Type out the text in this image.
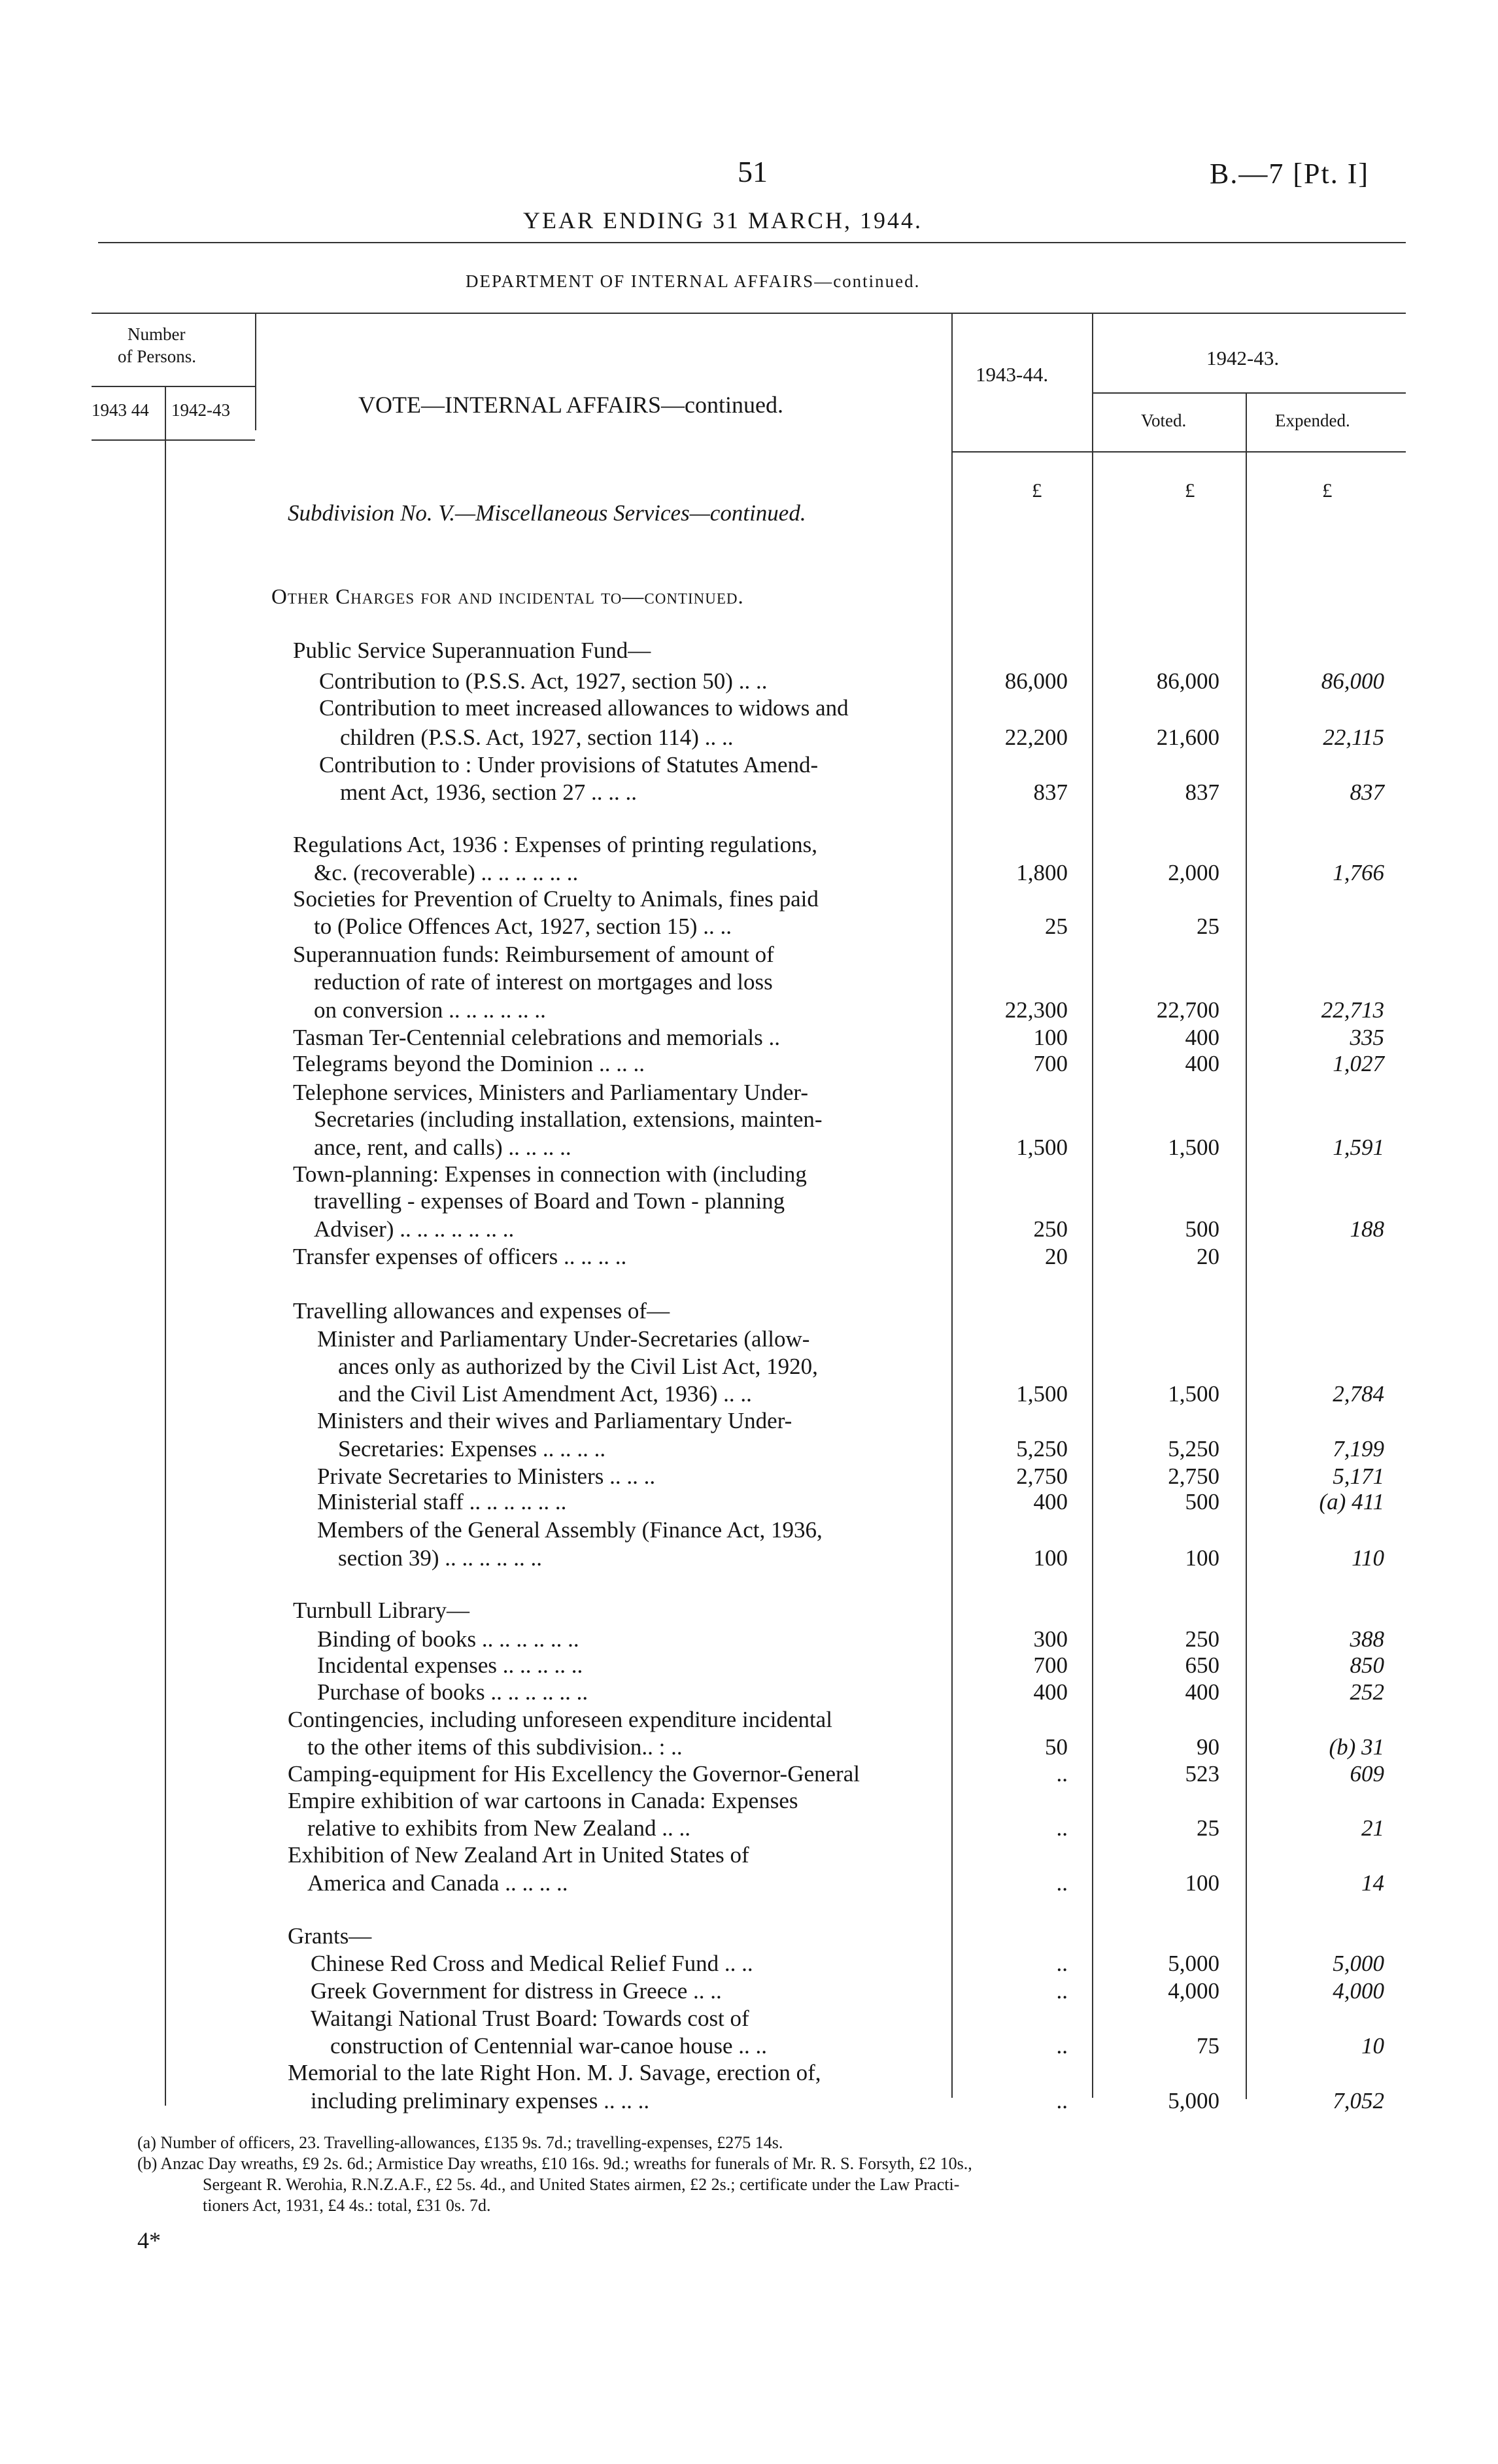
51	B.—7 [Pt. I]
YEAR ENDING 31 MARCH, 1944.
DEPARTMENT OF INTERNAL AFFAIRS—continued.
Number
of Persons.
1943 44 1942-43	VOTE—INTERNAL AFFAIRS—continued.
1943-44.
1942-43.
Voted.	Expended.
£	£	£
Subdivision No. V.—Miscellaneous Services—continued.
Other Charges for and incidental to—continued.
Public Service Superannuation Fund—
Contribution to (P.S.S. Act, 1927, section 50) .. ..	86,000	86,000	86,000
Contribution to meet increased allowances to widows and
children (P.S.S. Act, 1927, section 114) .. ..	22,200	21,600	22,115
Contribution to : Under provisions of Statutes Amend-
ment Act, 1936, section 27 .. .. ..	837	837	837
Regulations Act, 1936 : Expenses of printing regulations,
&c. (recoverable) .. .. .. .. .. ..	1,800	2,000	1,766
Societies for Prevention of Cruelty to Animals, fines paid
to (Police Offences Act, 1927, section 15) .. ..	25	25
Superannuation funds: Reimbursement of amount of
reduction of rate of interest on mortgages and loss
on conversion .. .. .. .. .. ..	22,300	22,700	22,713
Tasman Ter-Centennial celebrations and memorials ..	100	400	335
Telegrams beyond the Dominion .. .. ..	700	400	1,027
Telephone services, Ministers and Parliamentary Under-
Secretaries (including installation, extensions, mainten-
ance, rent, and calls) .. .. .. ..	1,500	1,500	1,591
Town-planning: Expenses in connection with (including
travelling - expenses of Board and Town - planning
Adviser) .. .. .. .. .. .. ..	250	500	188
Transfer expenses of officers .. .. .. ..	20	20
Travelling allowances and expenses of—
Minister and Parliamentary Under-Secretaries (allow-
ances only as authorized by the Civil List Act, 1920,
and the Civil List Amendment Act, 1936) .. ..	1,500	1,500	2,784
Ministers and their wives and Parliamentary Under-
Secretaries: Expenses .. .. .. ..	5,250	5,250	7,199
Private Secretaries to Ministers .. .. ..	2,750	2,750	5,171
Ministerial staff .. .. .. .. .. ..	400	500	(a) 411
Members of the General Assembly (Finance Act, 1936,
section 39) .. .. .. .. .. ..	100	100	110
Turnbull Library—
Binding of books .. .. .. .. .. ..	300	250	388
Incidental expenses .. .. .. .. ..	700	650	850
Purchase of books .. .. .. .. .. ..	400	400	252
Contingencies, including unforeseen expenditure incidental
to the other items of this subdivision.. : ..	50	90	(b) 31
Camping-equipment for His Excellency the Governor-General	..	523	609
Empire exhibition of war cartoons in Canada: Expenses
relative to exhibits from New Zealand .. ..	..	25	21
Exhibition of New Zealand Art in United States of
America and Canada .. .. .. ..	..	100	14
Grants—
Chinese Red Cross and Medical Relief Fund .. ..	..	5,000	5,000
Greek Government for distress in Greece .. ..	..	4,000	4,000
Waitangi National Trust Board: Towards cost of
construction of Centennial war-canoe house .. ..	..	75	10
Memorial to the late Right Hon. M. J. Savage, erection of,
including preliminary expenses .. .. ..	..	5,000	7,052
(a) Number of officers, 23. Travelling-allowances, £135 9s. 7d.; travelling-expenses, £275 14s.
(b) Anzac Day wreaths, £9 2s. 6d.; Armistice Day wreaths, £10 16s. 9d.; wreaths for funerals of Mr. R. S. Forsyth, £2 10s.,
Sergeant R. Werohia, R.N.Z.A.F., £2 5s. 4d., and United States airmen, £2 2s.; certificate under the Law Practi-
tioners Act, 1931, £4 4s.: total, £31 0s. 7d.
4*
